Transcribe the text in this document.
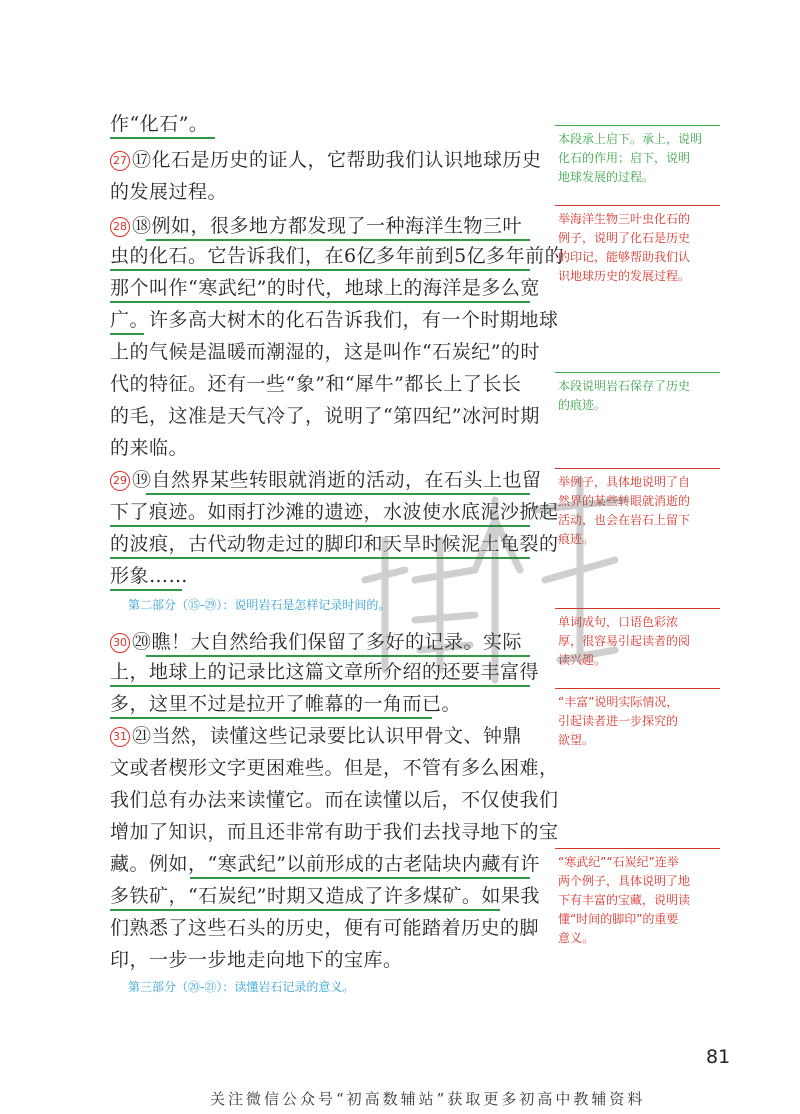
作“化石”。
27 ⑰化石是历史的证人，它帮助我们认识地球历史
的发展过程。
28 ⑱例如，很多地方都发现了一种海洋生物三叶
虫的化石。它告诉我们，在6亿多年前到5亿多年前的
那个叫作“寒武纪”的时代，地球上的海洋是多么宽
广。许多高大树木的化石告诉我们，有一个时期地球
上的气候是温暖而潮湿的，这是叫作“石炭纪”的时
代的特征。还有一些“象”和“犀牛”都长上了长长
的毛，这准是天气冷了，说明了“第四纪”冰河时期
的来临。
29 ⑲自然界某些转眼就消逝的活动，在石头上也留
下了痕迹。如雨打沙滩的遗迹，水波使水底泥沙掀起
的波痕，古代动物走过的脚印和天旱时候泥土龟裂的
形象……
第二部分（⑮-㉙）：说明岩石是怎样记录时间的。
30 ⑳瞧！大自然给我们保留了多好的记录。实际
上，地球上的记录比这篇文章所介绍的还要丰富得
多，这里不过是拉开了帷幕的一角而已。
31 ㉑当然，读懂这些记录要比认识甲骨文、钟鼎
文或者楔形文字更困难些。但是，不管有多么困难，
我们总有办法来读懂它。而在读懂以后，不仅使我们
增加了知识，而且还非常有助于我们去找寻地下的宝
藏。例如，“寒武纪”以前形成的古老陆块内藏有许
多铁矿，“石炭纪”时期又造成了许多煤矿。如果我
们熟悉了这些石头的历史，便有可能踏着历史的脚
印，一步一步地走向地下的宝库。
第三部分（⑳-㉑）：读懂岩石记录的意义。
本段承上启下。承上，说明
化石的作用；启下，说明
地球发展的过程。
举海洋生物三叶虫化石的
例子，说明了化石是历史
的印记，能够帮助我们认
识地球历史的发展过程。
本段说明岩石保存了历史
的痕迹。
举例子，具体地说明了自
然界的某些转眼就消逝的
活动，也会在岩石上留下
痕迹。
单词成句，口语色彩浓
厚，很容易引起读者的阅
读兴趣。
“丰富”说明实际情况，
引起读者进一步探究的
欲望。
“寒武纪”“石炭纪”连举
两个例子，具体说明了地
下有丰富的宝藏，说明读
懂“时间的脚印”的重要
意义。
81
关注微信公众号“初高数辅站”获取更多初高中教辅资料
